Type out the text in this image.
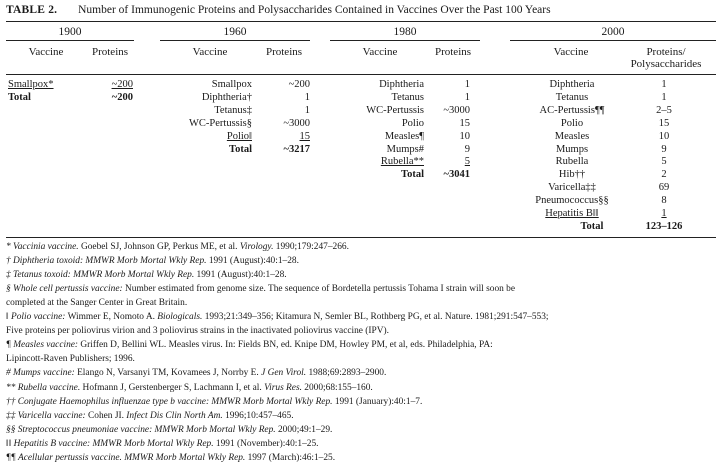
TABLE 2. Number of Immunogenic Proteins and Polysaccharides Contained in Vaccines Over the Past 100 Years
1900	1960	1980	2000
Vaccine	Proteins	Vaccine	Proteins	Vaccine	Proteins	Vaccine	Proteins/
Polysaccharides
Smallpox*	~200
Total	~200
Smallpox	~200
Diphtheria†	1
Tetanus‡	1
WC-Pertussis§	~3000
Polio‖	15
Total	~3217
Diphtheria	1
Tetanus	1
WC-Pertussis	~3000
Polio	15
Measles¶	10
Mumps#	9
Rubella**	5
Total	~3041
Diphtheria	1
Tetanus	1
AC-Pertussis¶¶	2–5
Polio	15
Measles	10
Mumps	9
Rubella	5
Hib††	2
Varicella‡‡	69
Pneumococcus§§	8
Hepatitis B‖‖	1
Total	123–126
* Vaccinia vaccine. Goebel SJ, Johnson GP, Perkus ME, et al. Virology. 1990;179:247–266.
† Diphtheria toxoid: MMWR Morb Mortal Wkly Rep. 1991 (August):40:1–28.
‡ Tetanus toxoid: MMWR Morb Mortal Wkly Rep. 1991 (August):40:1–28.
§ Whole cell pertussis vaccine: Number estimated from genome size. The sequence of Bordetella pertussis Tohama I strain will soon be
completed at the Sanger Center in Great Britain.
‖ Polio vaccine: Wimmer E, Nomoto A. Biologicals. 1993;21:349–356; Kitamura N, Semler BL, Rothberg PG, et al. Nature. 1981;291:547–553;
Five proteins per poliovirus virion and 3 poliovirus strains in the inactivated poliovirus vaccine (IPV).
¶ Measles vaccine: Griffen D, Bellini WL. Measles virus. In: Fields BN, ed. Knipe DM, Howley PM, et al, eds. Philadelphia, PA:
Lipincott-Raven Publishers; 1996.
# Mumps vaccine: Elango N, Varsanyi TM, Kovamees J, Norrby E. J Gen Virol. 1988;69:2893–2900.
** Rubella vaccine. Hofmann J, Gerstenberger S, Lachmann I, et al. Virus Res. 2000;68:155–160.
†† Conjugate Haemophilus influenzae type b vaccine: MMWR Morb Mortal Wkly Rep. 1991 (January):40:1–7.
‡‡ Varicella vaccine: Cohen JI. Infect Dis Clin North Am. 1996;10:457–465.
§§ Streptococcus pneumoniae vaccine: MMWR Morb Mortal Wkly Rep. 2000;49:1–29.
‖‖ Hepatitis B vaccine: MMWR Morb Mortal Wkly Rep. 1991 (November):40:1–25.
¶¶ Acellular pertussis vaccine. MMWR Morb Mortal Wkly Rep. 1997 (March):46:1–25.
